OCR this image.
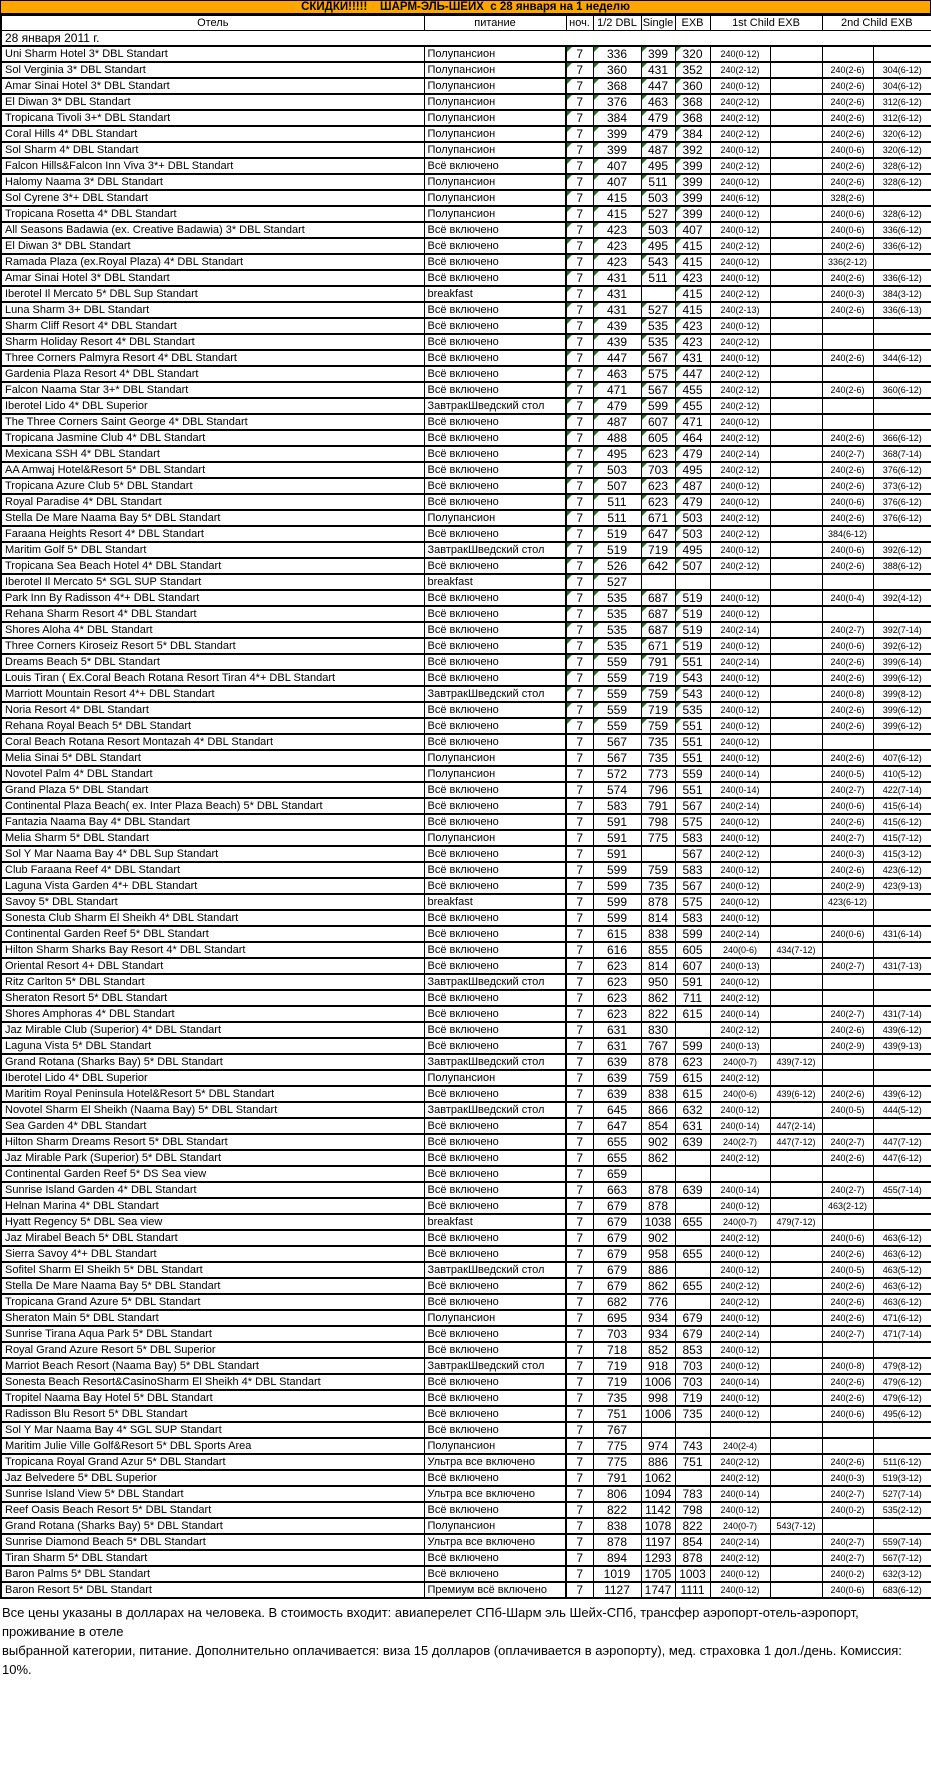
СКИДКИ!!!!!    ШАРМ-ЭЛЬ-ШЕЙХ  с 28 января на 1 неделю
Отель	питание	ноч.	1/2 DBL	Single	EXB	1st Child EXB		2nd Child EXB	
28 января 2011 г.									
Uni Sharm Hotel 3* DBL Standart	Полупансион	7	336	399	320	240(0-12)			
Sol Verginia 3* DBL Standart	Полупансион	7	360	431	352	240(2-12)		240(2-6)	304(6-12)
Amar Sinai Hotel 3* DBL Standart	Полупансион	7	368	447	360	240(0-12)		240(2-6)	304(6-12)
El Diwan 3* DBL Standart	Полупансион	7	376	463	368	240(2-12)		240(2-6)	312(6-12)
Tropicana Tivoli 3+* DBL Standart	Полупансион	7	384	479	368	240(2-12)		240(2-6)	312(6-12)
Coral Hills 4* DBL Standart	Полупансион	7	399	479	384	240(2-12)		240(2-6)	320(6-12)
Sol Sharm 4* DBL Standart	Полупансион	7	399	487	392	240(0-12)		240(0-6)	320(6-12)
Falcon Hills&Falcon Inn Viva 3*+ DBL Standart	Всё включено	7	407	495	399	240(2-12)		240(2-6)	328(6-12)
Halomy Naama 3* DBL Standart	Полупансион	7	407	511	399	240(0-12)		240(2-6)	328(6-12)
Sol Cyrene 3*+ DBL Standart	Полупансион	7	415	503	399	240(6-12)		328(2-6)	
Tropicana Rosetta 4* DBL Standart	Полупансион	7	415	527	399	240(0-12)		240(0-6)	328(6-12)
All Seasons Badawia (ex. Creative Badawia) 3* DBL Standart	Всё включено	7	423	503	407	240(0-12)		240(0-6)	336(6-12)
El Diwan 3* DBL Standart	Всё включено	7	423	495	415	240(2-12)		240(2-6)	336(6-12)
Ramada Plaza (ex.Royal Plaza) 4* DBL Standart	Всё включено	7	423	543	415	240(0-12)		336(2-12)	
Amar Sinai Hotel 3* DBL Standart	Всё включено	7	431	511	423	240(0-12)		240(2-6)	336(6-12)
Iberotel Il Mercato 5* DBL Sup Standart	breakfast	7	431		415	240(2-12)		240(0-3)	384(3-12)
Luna Sharm 3+ DBL Standart	Всё включено	7	431	527	415	240(2-13)		240(2-6)	336(6-13)
Sharm Cliff Resort 4* DBL Standart	Всё включено	7	439	535	423	240(0-12)			
Sharm Holiday Resort 4* DBL Standart	Всё включено	7	439	535	423	240(2-12)			
Three Corners Palmyra Resort 4* DBL Standart	Всё включено	7	447	567	431	240(0-12)		240(2-6)	344(6-12)
Gardenia Plaza Resort 4* DBL Standart	Всё включено	7	463	575	447	240(2-12)			
Falcon Naama Star 3+* DBL Standart	Всё включено	7	471	567	455	240(2-12)		240(2-6)	360(6-12)
Iberotel Lido 4* DBL Superior	ЗавтракШведский стол	7	479	599	455	240(2-12)			
The Three Corners Saint George 4* DBL Standart	Всё включено	7	487	607	471	240(0-12)			
Tropicana Jasmine Club 4* DBL Standart	Всё включено	7	488	605	464	240(2-12)		240(2-6)	366(6-12)
Mexicana SSH 4* DBL Standart	Всё включено	7	495	623	479	240(2-14)		240(2-7)	368(7-14)
AA Amwaj Hotel&Resort 5* DBL Standart	Всё включено	7	503	703	495	240(2-12)		240(2-6)	376(6-12)
Tropicana Azure Club 5* DBL Standart	Всё включено	7	507	623	487	240(0-12)		240(2-6)	373(6-12)
Royal Paradise 4* DBL Standart	Всё включено	7	511	623	479	240(0-12)		240(0-6)	376(6-12)
Stella De Mare Naama Bay 5* DBL Standart	Полупансион	7	511	671	503	240(2-12)		240(2-6)	376(6-12)
Faraana Heights Resort 4* DBL Standart	Всё включено	7	519	647	503	240(2-12)		384(6-12)	
Maritim Golf 5* DBL Standart	ЗавтракШведский стол	7	519	719	495	240(0-12)		240(0-6)	392(6-12)
Tropicana Sea Beach Hotel 4* DBL Standart	Всё включено	7	526	642	507	240(2-12)		240(2-6)	388(6-12)
Iberotel Il Mercato 5* SGL SUP Standart	breakfast	7	527						
Park Inn By Radisson 4*+ DBL Standart	Всё включено	7	535	687	519	240(0-12)		240(0-4)	392(4-12)
Rehana Sharm Resort 4* DBL Standart	Всё включено	7	535	687	519	240(0-12)			
Shores Aloha 4* DBL Standart	Всё включено	7	535	687	519	240(2-14)		240(2-7)	392(7-14)
Three Corners Kiroseiz Resort 5* DBL Standart	Всё включено	7	535	671	519	240(0-12)		240(0-6)	392(6-12)
Dreams Beach 5* DBL Standart	Всё включено	7	559	791	551	240(2-14)		240(2-6)	399(6-14)
Louis Tiran ( Ex.Coral Beach Rotana Resort Tiran 4*+ DBL Standart	Всё включено	7	559	719	543	240(0-12)		240(2-6)	399(6-12)
Marriott Mountain Resort 4*+ DBL Standart	ЗавтракШведский стол	7	559	759	543	240(0-12)		240(0-8)	399(8-12)
Noria Resort 4* DBL Standart	Всё включено	7	559	719	535	240(0-12)		240(2-6)	399(6-12)
Rehana Royal Beach 5* DBL Standart	Всё включено	7	559	759	551	240(0-12)		240(2-6)	399(6-12)
Coral Beach Rotana Resort Montazah 4* DBL Standart	Всё включено	7	567	735	551	240(0-12)			
Melia Sinai 5* DBL Standart	Полупансион	7	567	735	551	240(0-12)		240(2-6)	407(6-12)
Novotel Palm 4* DBL Standart	Полупансион	7	572	773	559	240(0-14)		240(0-5)	410(5-12)
Grand Plaza 5* DBL Standart	Всё включено	7	574	796	551	240(0-14)		240(2-7)	422(7-14)
Continental Plaza Beach( ex. Inter Plaza Beach) 5* DBL Standart	Всё включено	7	583	791	567	240(2-14)		240(0-6)	415(6-14)
Fantazia Naama Bay 4* DBL Standart	Всё включено	7	591	798	575	240(0-12)		240(2-6)	415(6-12)
Melia Sharm 5* DBL Standart	Полупансион	7	591	775	583	240(0-12)		240(2-7)	415(7-12)
Sol Y Mar Naama Bay 4* DBL Sup Standart	Всё включено	7	591		567	240(2-12)		240(0-3)	415(3-12)
Club Faraana Reef 4* DBL Standart	Всё включено	7	599	759	583	240(0-12)		240(2-6)	423(6-12)
Laguna Vista Garden 4*+ DBL Standart	Всё включено	7	599	735	567	240(0-12)		240(2-9)	423(9-13)
Savoy 5* DBL Standart	breakfast	7	599	878	575	240(0-12)		423(6-12)	
Sonesta Club Sharm El Sheikh 4* DBL Standart	Всё включено	7	599	814	583	240(0-12)			
Continental Garden Reef 5* DBL Standart	Всё включено	7	615	838	599	240(2-14)		240(0-6)	431(6-14)
Hilton Sharm Sharks Bay Resort 4* DBL Standart	Всё включено	7	616	855	605	240(0-6)	434(7-12)		
Oriental Resort 4+ DBL Standart	Всё включено	7	623	814	607	240(0-13)		240(2-7)	431(7-13)
Ritz Carlton 5* DBL Standart	ЗавтракШведский стол	7	623	950	591	240(0-12)			
Sheraton Resort 5* DBL Standart	Всё включено	7	623	862	711	240(2-12)			
Shores Amphoras 4* DBL Standart	Всё включено	7	623	822	615	240(0-14)		240(2-7)	431(7-14)
Jaz Mirable Club (Superior) 4* DBL Standart	Всё включено	7	631	830		240(2-12)		240(2-6)	439(6-12)
Laguna Vista 5* DBL Standart	Всё включено	7	631	767	599	240(0-13)		240(2-9)	439(9-13)
Grand Rotana (Sharks Bay) 5* DBL Standart	ЗавтракШведский стол	7	639	878	623	240(0-7)	439(7-12)		
Iberotel Lido 4* DBL Superior	Полупансион	7	639	759	615	240(2-12)			
Maritim Royal Peninsula Hotel&Resort 5* DBL Standart	Всё включено	7	639	838	615	240(0-6)	439(6-12)	240(2-6)	439(6-12)
Novotel Sharm El Sheikh (Naama Bay) 5* DBL Standart	ЗавтракШведский стол	7	645	866	632	240(0-12)		240(0-5)	444(5-12)
Sea Garden 4* DBL Standart	Всё включено	7	647	854	631	240(0-14)	447(2-14)		
Hilton Sharm Dreams Resort 5* DBL Standart	Всё включено	7	655	902	639	240(2-7)	447(7-12)	240(2-7)	447(7-12)
Jaz Mirable Park (Superior) 5* DBL Standart	Всё включено	7	655	862		240(2-12)		240(2-6)	447(6-12)
Continental Garden Reef 5* DS Sea view	Всё включено	7	659						
Sunrise Island Garden 4* DBL Standart	Всё включено	7	663	878	639	240(0-14)		240(2-7)	455(7-14)
Helnan Marina 4* DBL Standart	Всё включено	7	679	878		240(0-12)		463(2-12)	
Hyatt Regency 5* DBL Sea view	breakfast	7	679	1038	655	240(0-7)	479(7-12)		
Jaz Mirabel Beach 5* DBL Standart	Всё включено	7	679	902		240(2-12)		240(0-6)	463(6-12)
Sierra Savoy 4*+ DBL Standart	Всё включено	7	679	958	655	240(0-12)		240(2-6)	463(6-12)
Sofitel Sharm El Sheikh 5* DBL Standart	ЗавтракШведский стол	7	679	886		240(0-12)		240(0-5)	463(5-12)
Stella De Mare Naama Bay 5* DBL Standart	Всё включено	7	679	862	655	240(2-12)		240(2-6)	463(6-12)
Tropicana Grand Azure 5* DBL Standart	Всё включено	7	682	776		240(2-12)		240(2-6)	463(6-12)
Sheraton Main 5* DBL Standart	Полупансион	7	695	934	679	240(0-12)		240(2-6)	471(6-12)
Sunrise Tirana Aqua Park 5* DBL Standart	Всё включено	7	703	934	679	240(2-14)		240(2-7)	471(7-14)
Royal Grand Azure Resort 5* DBL Superior	Всё включено	7	718	852	853	240(0-12)			
Marriot Beach Resort (Naama Bay) 5* DBL Standart	ЗавтракШведский стол	7	719	918	703	240(0-12)		240(0-8)	479(8-12)
Sonesta Beach Resort&CasinoSharm El Sheikh 4* DBL Standart	Всё включено	7	719	1006	703	240(0-14)		240(2-6)	479(6-12)
Tropitel Naama Bay Hotel 5* DBL Standart	Всё включено	7	735	998	719	240(0-12)		240(2-6)	479(6-12)
Radisson Blu Resort 5* DBL Standart	Всё включено	7	751	1006	735	240(0-12)		240(0-6)	495(6-12)
Sol Y Mar Naama Bay 4* SGL SUP Standart	Всё включено	7	767						
Maritim Julie Ville Golf&Resort 5* DBL Sports Area	Полупансион	7	775	974	743	240(2-4)			
Tropicana Royal Grand Azur 5* DBL Standart	Ультра все включено	7	775	886	751	240(2-12)		240(2-6)	511(6-12)
Jaz Belvedere 5* DBL Superior	Всё включено	7	791	1062		240(2-12)		240(0-3)	519(3-12)
Sunrise Island View 5* DBL Standart	Ультра все включено	7	806	1094	783	240(0-14)		240(2-7)	527(7-14)
Reef Oasis Beach Resort 5* DBL Standart	Всё включено	7	822	1142	798	240(0-12)		240(0-2)	535(2-12)
Grand Rotana (Sharks Bay) 5* DBL Standart	Полупансион	7	838	1078	822	240(0-7)	543(7-12)		
Sunrise Diamond Beach 5* DBL Standart	Ультра все включено	7	878	1197	854	240(2-14)		240(2-7)	559(7-14)
Tiran Sharm 5* DBL Standart	Всё включено	7	894	1293	878	240(2-12)		240(2-7)	567(7-12)
Baron Palms 5* DBL Standart	Всё включено	7	1019	1705	1003	240(0-12)		240(0-2)	632(3-12)
Baron Resort 5* DBL Standart	Премиум всё включено	7	1127	1747	1111	240(0-12)		240(0-6)	683(6-12)
Все цены указаны в долларах на человека. В стоимость входит: авиаперелет СПб-Шарм эль Шейх-СПб, трансфер аэропорт-отель-аэропорт, проживание в отеле
выбранной категории, питание. Дополнительно оплачивается: виза 15 долларов (оплачивается в аэропорту), мед. страховка 1 дол./день. Комиссия: 10%.
